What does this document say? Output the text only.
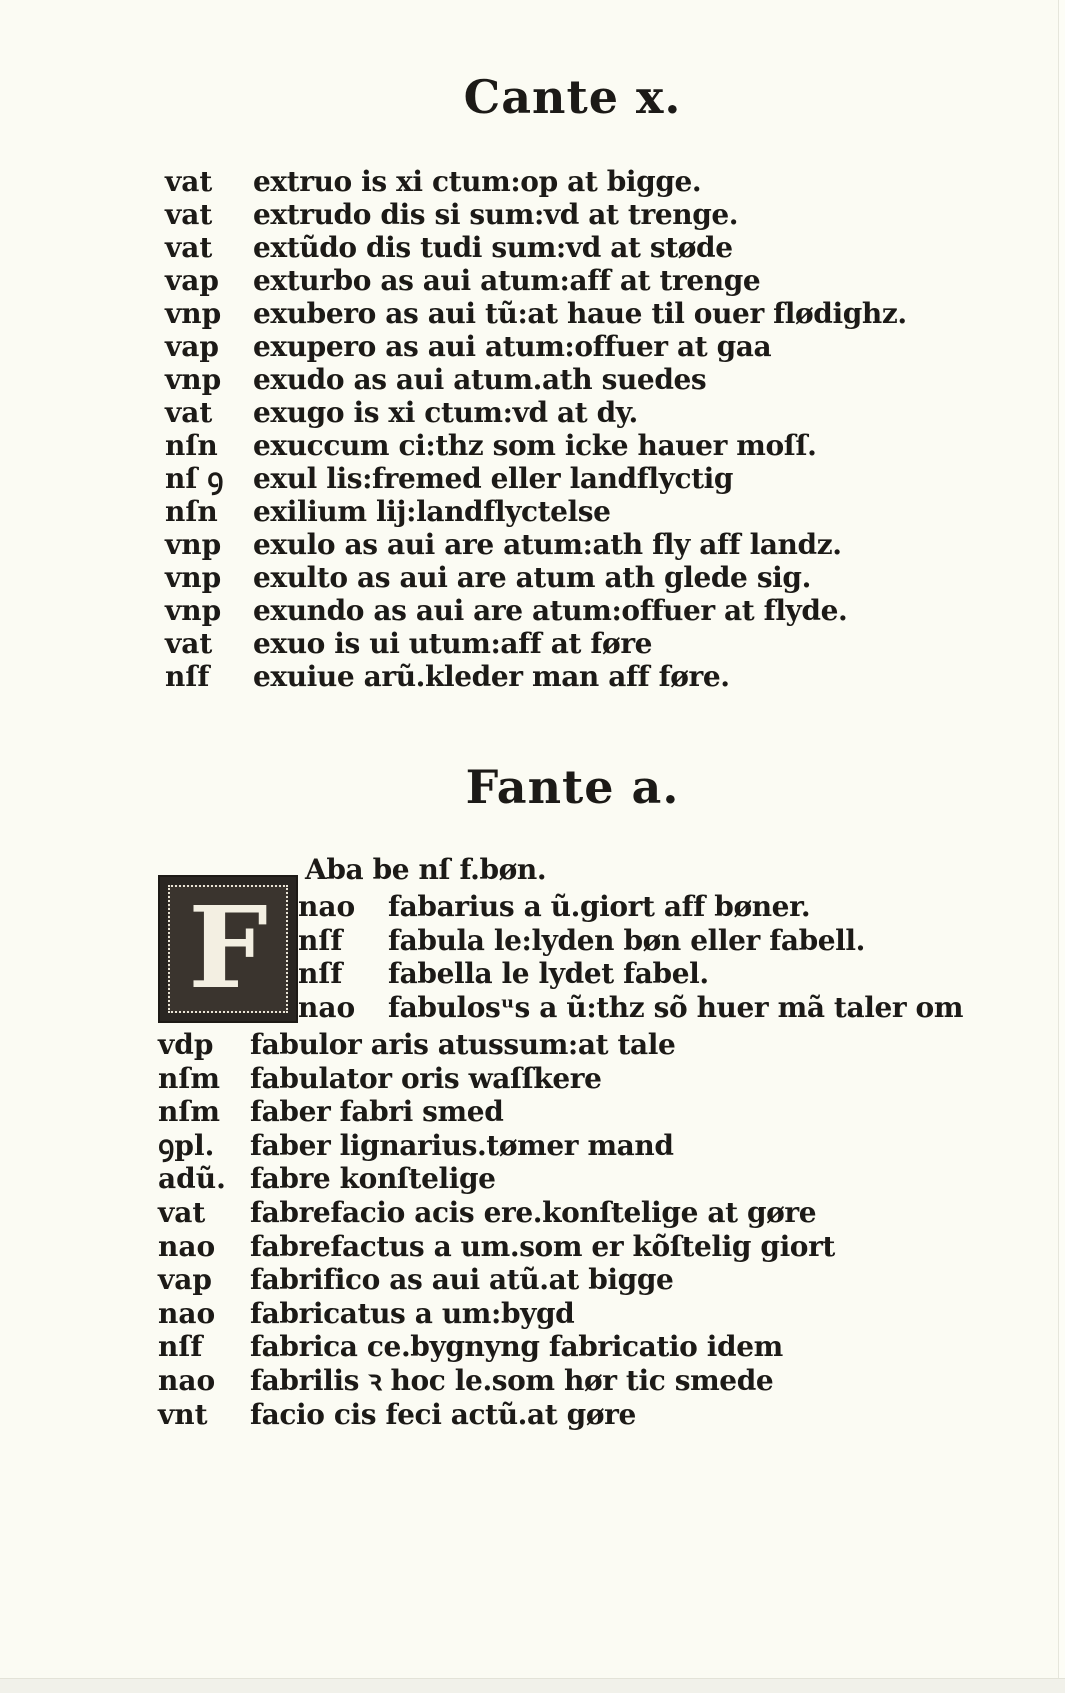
Cante x.
vat	extruo is xi ctum:op at bigge.
vat	extrudo dis si sum:vd at trenge.
vat	extũdo dis tudi sum:vd at støde
vap	exturbo as aui atum:aff at trenge
vnp	exubero as aui tũ:at haue til ouer flødighz.
vap	exupero as aui atum:offuer at gaa
vnp	exudo as aui atum.ath suedes
vat	exugo is xi ctum:vd at dy.
nſn	exuccum ci:thz som icke hauer moſſ.
nſ ꝯ	exul lis:fremed eller landflyctig
nſn	exilium lij:landflyctelse
vnp	exulo as aui are atum:ath fly aff landz.
vnp	exulto as aui are atum ath glede sig.
vnp	exundo as aui are atum:offuer at flyde.
vat	exuo is ui utum:aff at føre
nſf	exuiue arũ.kleder man aff føre.
Fante a.
F
Aba be nſ f.bøn.
nao	fabarius a ũ.giort aff bøner.
nſf	fabula le:lyden bøn eller fabell.
nſf	fabella le lydet fabel.
nao	fabulosᵘs a ũ:thz sõ huer mã taler om
vdp	fabulor aris atussum:at tale
nſm	fabulator oris waſſkere
nſm	faber fabri smed
ꝯpl.	faber lignarius.tømer mand
adũ. fabre konſtelige
vat	fabrefacio acis ere.konſtelige at gøre
nao	fabrefactus a um.som er kõſtelig giort
vap	fabrifico as aui atũ.at bigge
nao	fabricatus a um:bygd
nſf	fabrica ce.bygnyng fabricatio idem
nao	fabrilis ꝛ hoc le.som hør tic smede
vnt	facio cis feci actũ.at gøre
